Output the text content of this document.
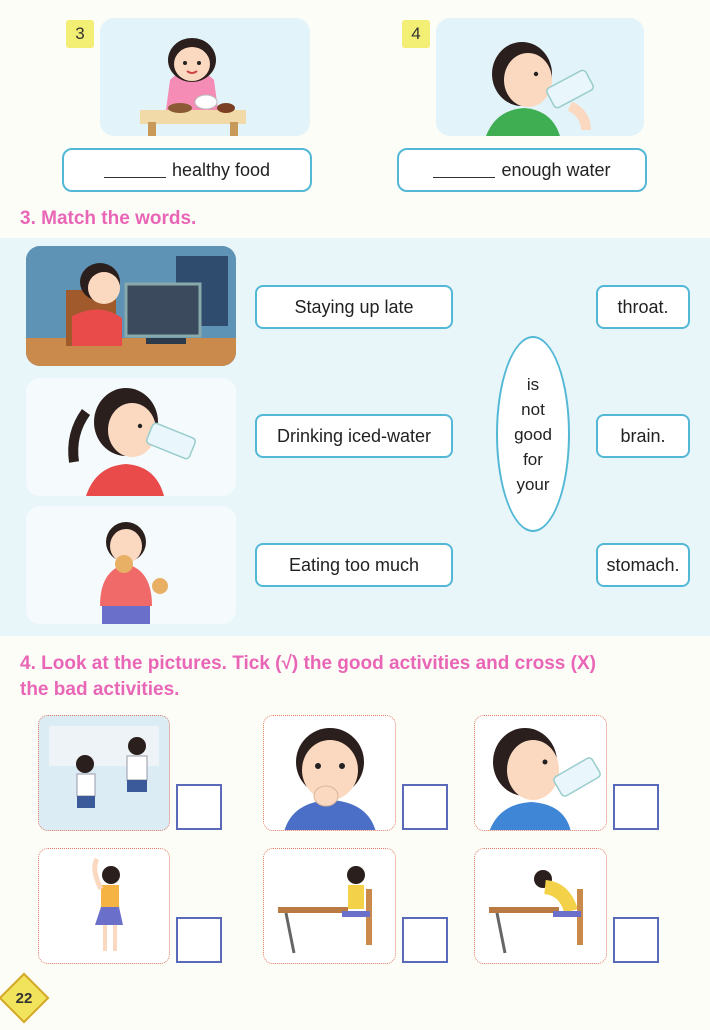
3	4
healthy food	enough water
3. Match the words.
Staying up late
Drinking iced-water
Eating too much
is
not
good
for
your
throat.
brain.
stomach.
4. Look at the pictures. Tick (√) the good activities and cross (X)
the bad activities.
22
